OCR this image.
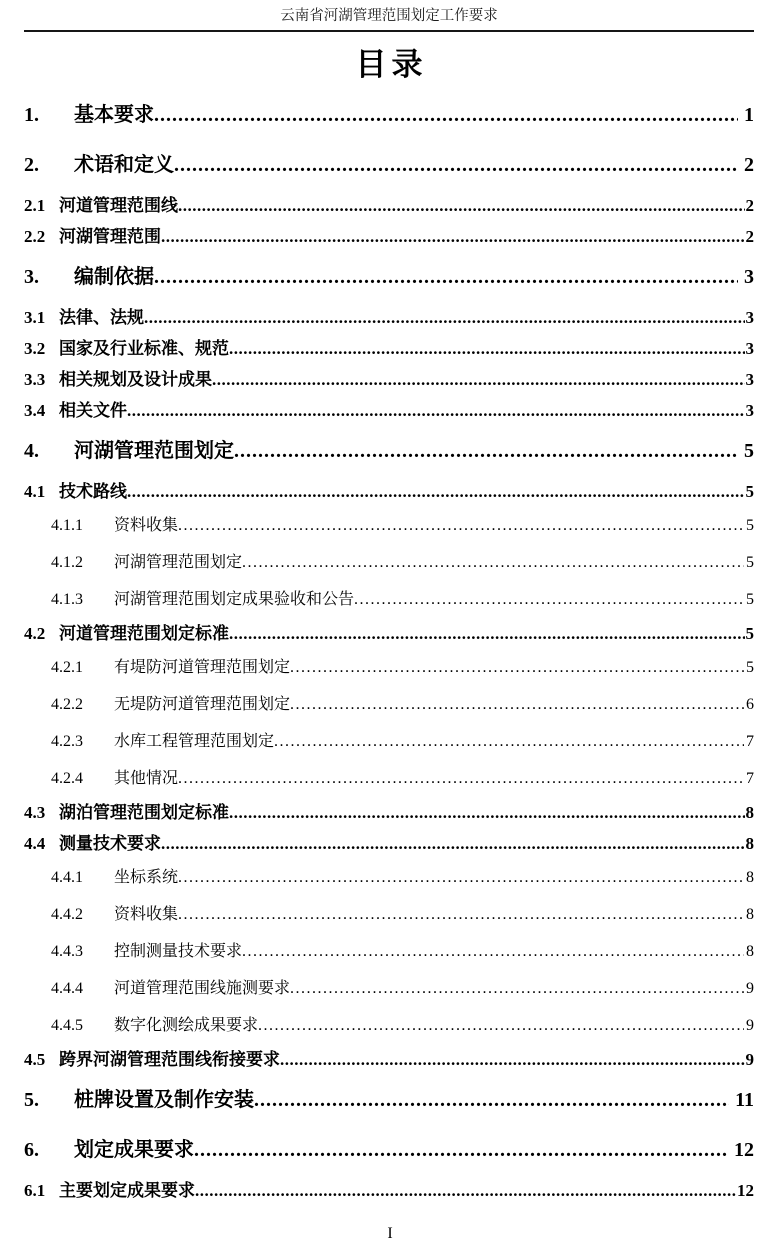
云南省河湖管理范围划定工作要求
目录
1.	基本要求 .....	1
2.	术语和定义 .....	2
2.1 河道管理范围线 .....	2
2.2 河湖管理范围 .....	2
3.	编制依据 .....	3
3.1 法律、法规 .....	3
3.2 国家及行业标准、规范 .....	3
3.3 相关规划及设计成果 .....	3
3.4 相关文件 .....	3
4.	河湖管理范围划定 .....	5
4.1 技术路线 .....	5
4.1.1	资料收集 .....	5
4.1.2	河湖管理范围划定 .....	5
4.1.3	河湖管理范围划定成果验收和公告 .....	5
4.2 河道管理范围划定标准 .....	5
4.2.1	有堤防河道管理范围划定 .....	5
4.2.2	无堤防河道管理范围划定 .....	6
4.2.3	水库工程管理范围划定 .....	7
4.2.4	其他情况 .....	7
4.3 湖泊管理范围划定标准 .....	8
4.4 测量技术要求 .....	8
4.4.1	坐标系统 .....	8
4.4.2	资料收集 .....	8
4.4.3	控制测量技术要求 .....	8
4.4.4	河道管理范围线施测要求 .....	9
4.4.5	数字化测绘成果要求 .....	9
4.5 跨界河湖管理范围线衔接要求 .....	9
5.	桩牌设置及制作安装 .....	11
6.	划定成果要求 .....	12
6.1 主要划定成果要求 .....	12
I
